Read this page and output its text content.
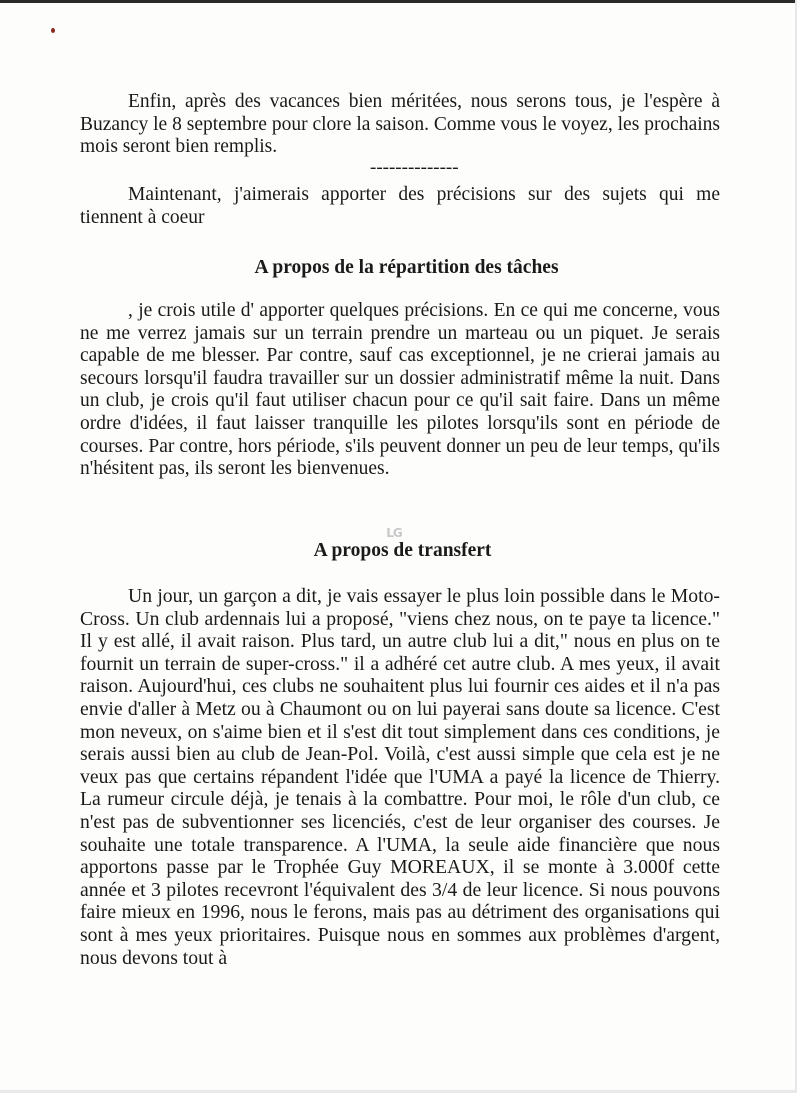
Enfin, après des vacances bien méritées, nous serons tous, je l'espère à Buzancy le 8 septembre pour clore la saison. Comme vous le voyez, les prochains mois seront bien remplis.

--------------

Maintenant, j'aimerais apporter des précisions sur des sujets qui me tiennent à coeur

A propos de la répartition des tâches

, je crois utile d' apporter quelques précisions. En ce qui me concerne, vous ne me verrez jamais sur un terrain prendre un marteau ou un piquet. Je serais capable de me blesser. Par contre, sauf cas exceptionnel, je ne crierai jamais au secours lorsqu'il faudra travailler sur un dossier administratif même la nuit. Dans un club, je crois qu'il faut utiliser chacun pour ce qu'il sait faire. Dans un même ordre d'idées, il faut laisser tranquille les pilotes lorsqu'ils sont en période de courses. Par contre, hors période, s'ils peuvent donner un peu de leur temps, qu'ils n'hésitent pas, ils seront les bienvenues.

LG
A propos de transfert

Un jour, un garçon a dit, je vais essayer le plus loin possible dans le Moto-Cross. Un club ardennais lui a proposé, "viens chez nous, on te paye ta licence." Il y est allé, il avait raison. Plus tard, un autre club lui a dit," nous en plus on te fournit un terrain de super-cross." il a adhéré cet autre club. A mes yeux, il avait raison. Aujourd'hui, ces clubs ne souhaitent plus lui fournir ces aides et il n'a pas envie d'aller à Metz ou à Chaumont ou on lui payerai sans doute sa licence. C'est mon neveux, on s'aime bien et il s'est dit tout simplement dans ces conditions, je serais aussi bien au club de Jean-Pol. Voilà, c'est aussi simple que cela est je ne veux pas que certains répandent l'idée que l'UMA a payé la licence de Thierry. La rumeur circule déjà, je tenais à la combattre. Pour moi, le rôle d'un club, ce n'est pas de subventionner ses licenciés, c'est de leur organiser des courses. Je souhaite une totale transparence. A l'UMA, la seule aide financière que nous apportons passe par le Trophée Guy MOREAUX, il se monte à 3.000f cette année et 3 pilotes recevront l'équivalent des 3/4 de leur licence. Si nous pouvons faire mieux en 1996, nous le ferons, mais pas au détriment des organisations qui sont à mes yeux prioritaires. Puisque nous en sommes aux problèmes d'argent, nous devons tout à
